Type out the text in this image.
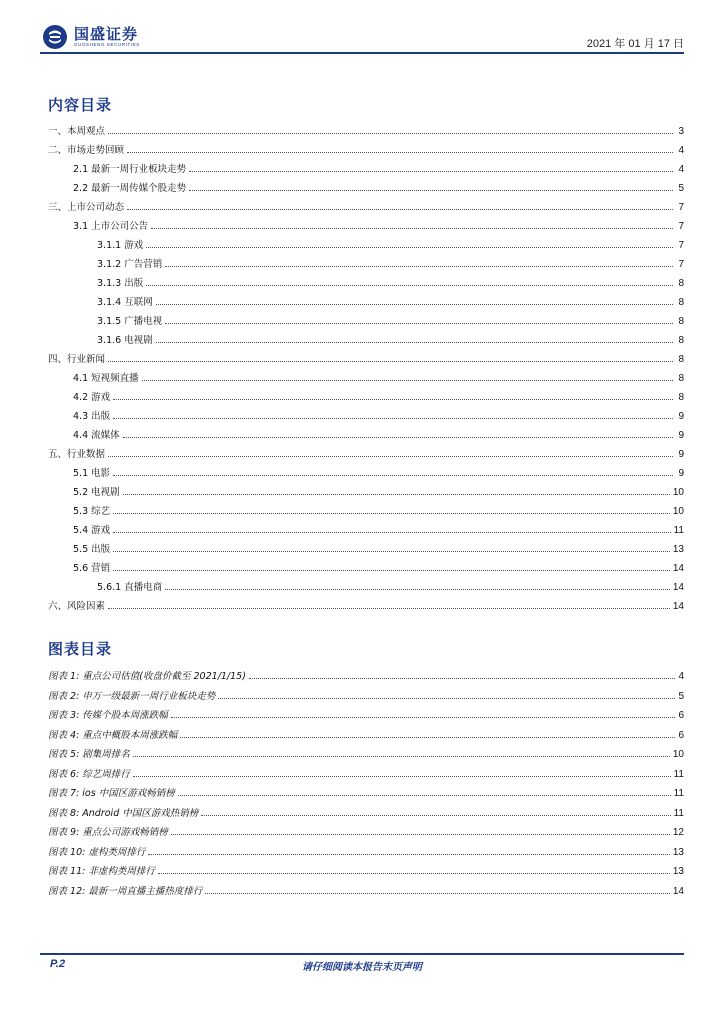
国盛证券
GUOSHENG SECURITIES	2021 年 01 月 17 日
内容目录
一、本周观点	3
二、市场走势回顾	4
2.1 最新一周行业板块走势	4
2.2 最新一周传媒个股走势	5
三、上市公司动态	7
3.1 上市公司公告	7
3.1.1 游戏	7
3.1.2 广告营销	7
3.1.3 出版	8
3.1.4 互联网	8
3.1.5 广播电视	8
3.1.6 电视剧	8
四、行业新闻	8
4.1 短视频直播	8
4.2 游戏	8
4.3 出版	9
4.4 流媒体	9
五、行业数据	9
5.1 电影	9
5.2 电视剧	10
5.3 综艺	10
5.4 游戏	11
5.5 出版	13
5.6 营销	14
5.6.1 直播电商	14
六、风险因素	14
图表目录
图表 1: 重点公司估值(收盘价截至 2021/1/15)	4
图表 2: 申万一级最新一周行业板块走势	5
图表 3: 传媒个股本周涨跌幅	6
图表 4: 重点中概股本周涨跌幅	6
图表 5: 剧集周排名	10
图表 6: 综艺周排行	11
图表 7: ios 中国区游戏畅销榜	11
图表 8: Android 中国区游戏热销榜	11
图表 9: 重点公司游戏畅销榜	12
图表 10: 虚构类周排行	13
图表 11: 非虚构类周排行	13
图表 12: 最新一周直播主播热度排行	14
P.2	请仔细阅读本报告末页声明
